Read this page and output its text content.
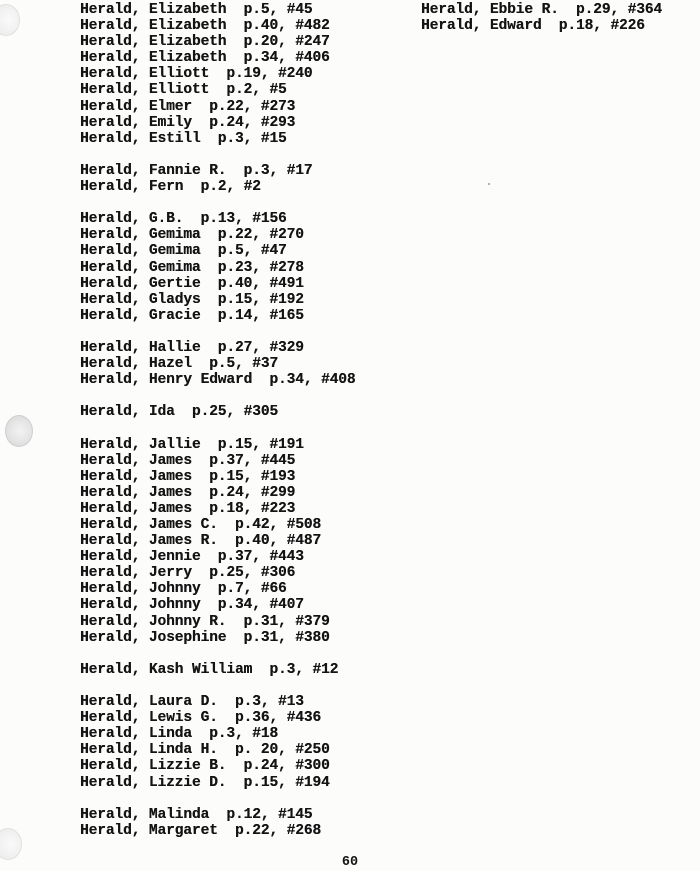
Herald, Elizabeth  p.5, #45
Herald, Elizabeth  p.40, #482
Herald, Elizabeth  p.20, #247
Herald, Elizabeth  p.34, #406
Herald, Elliott  p.19, #240
Herald, Elliott  p.2, #5
Herald, Elmer  p.22, #273
Herald, Emily  p.24, #293
Herald, Estill  p.3, #15
Herald, Fannie R.  p.3, #17
Herald, Fern  p.2, #2
Herald, G.B.  p.13, #156
Herald, Gemima  p.22, #270
Herald, Gemima  p.5, #47
Herald, Gemima  p.23, #278
Herald, Gertie  p.40, #491
Herald, Gladys  p.15, #192
Herald, Gracie  p.14, #165
Herald, Hallie  p.27, #329
Herald, Hazel  p.5, #37
Herald, Henry Edward  p.34, #408
Herald, Ida  p.25, #305
Herald, Jallie  p.15, #191
Herald, James  p.37, #445
Herald, James  p.15, #193
Herald, James  p.24, #299
Herald, James  p.18, #223
Herald, James C.  p.42, #508
Herald, James R.  p.40, #487
Herald, Jennie  p.37, #443
Herald, Jerry  p.25, #306
Herald, Johnny  p.7, #66
Herald, Johnny  p.34, #407
Herald, Johnny R.  p.31, #379
Herald, Josephine  p.31, #380
Herald, Kash William  p.3, #12
Herald, Laura D.  p.3, #13
Herald, Lewis G.  p.36, #436
Herald, Linda  p.3, #18
Herald, Linda H.  p. 20, #250
Herald, Lizzie B.  p.24, #300
Herald, Lizzie D.  p.15, #194
Herald, Malinda  p.12, #145
Herald, Margaret  p.22, #268
Herald, Ebbie R.  p.29, #364
Herald, Edward  p.18, #226
60
